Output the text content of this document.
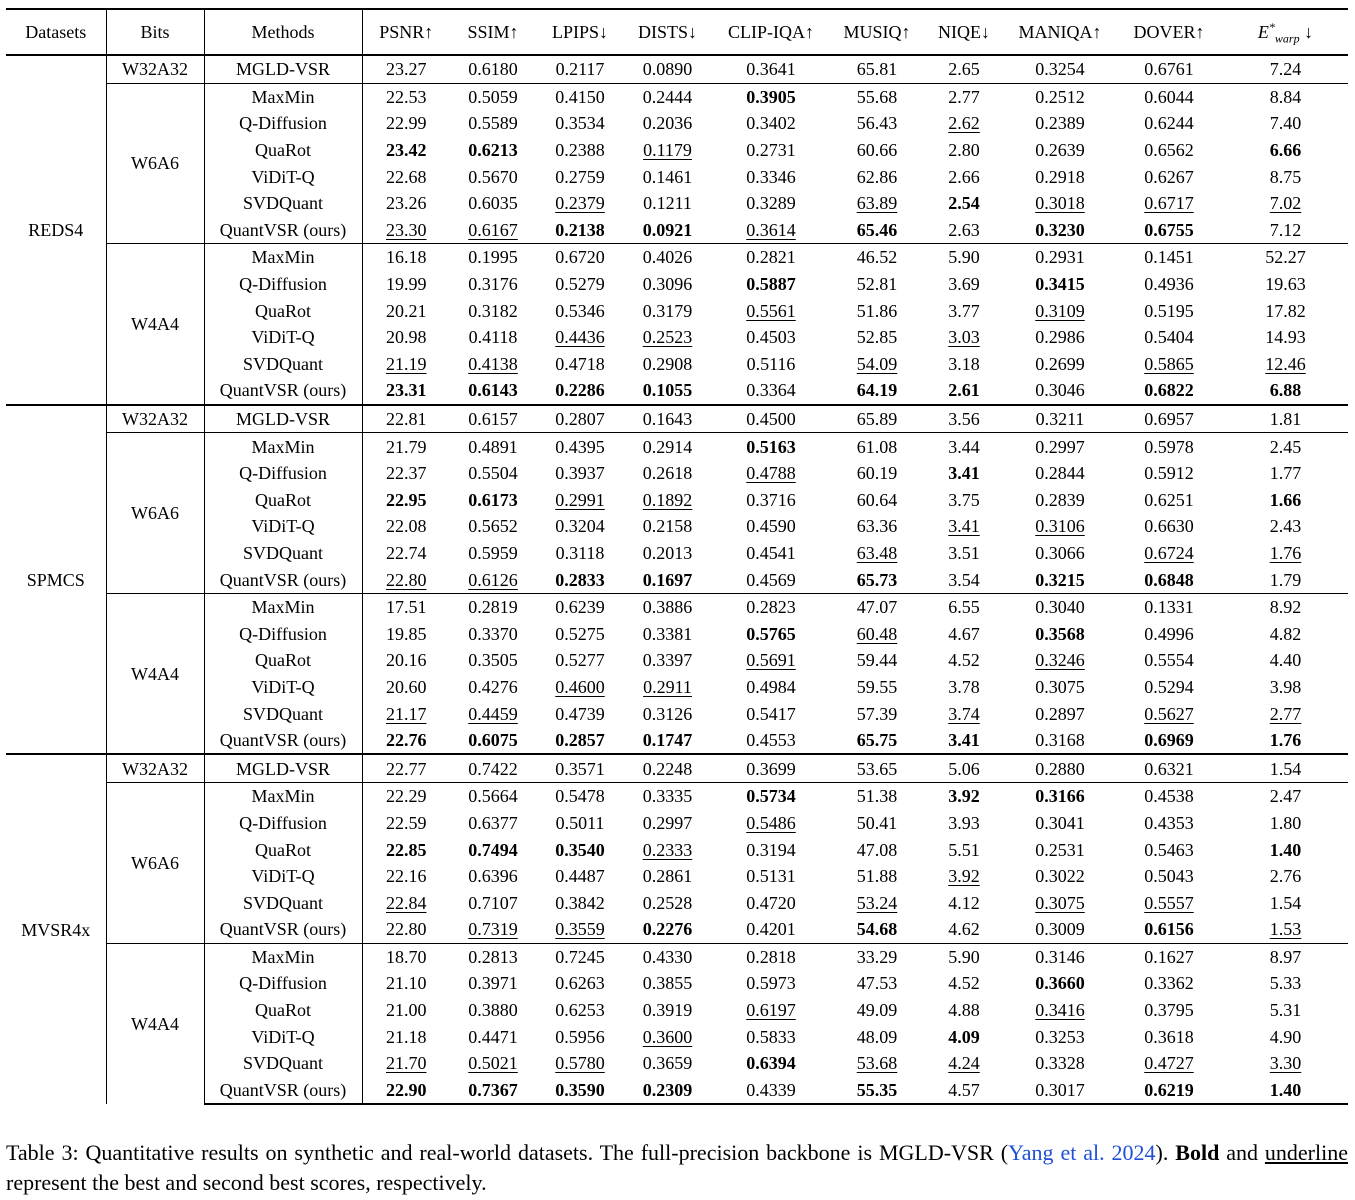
Datasets	Bits	Methods	PSNR↑	SSIM↑	LPIPS↓	DISTS↓	CLIP-IQA↑	MUSIQ↑	NIQE↓	MANIQA↑	DOVER↑	$E^*_{warp}$ ↓
REDS4	W32A32	MGLD-VSR	23.27	0.6180	0.2117	0.0890	0.3641	65.81	2.65	0.3254	0.6761	7.24
	W6A6	MaxMin	22.53	0.5059	0.4150	0.2444	0.3905	55.68	2.77	0.2512	0.6044	8.84
		Q-Diffusion	22.99	0.5589	0.3534	0.2036	0.3402	56.43	2.62	0.2389	0.6244	7.40
		QuaRot	23.42	0.6213	0.2388	0.1179	0.2731	60.66	2.80	0.2639	0.6562	6.66
		ViDiT-Q	22.68	0.5670	0.2759	0.1461	0.3346	62.86	2.66	0.2918	0.6267	8.75
		SVDQuant	23.26	0.6035	0.2379	0.1211	0.3289	63.89	2.54	0.3018	0.6717	7.02
		QuantVSR (ours)	23.30	0.6167	0.2138	0.0921	0.3614	65.46	2.63	0.3230	0.6755	7.12
	W4A4	MaxMin	16.18	0.1995	0.6720	0.4026	0.2821	46.52	5.90	0.2931	0.1451	52.27
		Q-Diffusion	19.99	0.3176	0.5279	0.3096	0.5887	52.81	3.69	0.3415	0.4936	19.63
		QuaRot	20.21	0.3182	0.5346	0.3179	0.5561	51.86	3.77	0.3109	0.5195	17.82
		ViDiT-Q	20.98	0.4118	0.4436	0.2523	0.4503	52.85	3.03	0.2986	0.5404	14.93
		SVDQuant	21.19	0.4138	0.4718	0.2908	0.5116	54.09	3.18	0.2699	0.5865	12.46
		QuantVSR (ours)	23.31	0.6143	0.2286	0.1055	0.3364	64.19	2.61	0.3046	0.6822	6.88
SPMCS	W32A32	MGLD-VSR	22.81	0.6157	0.2807	0.1643	0.4500	65.89	3.56	0.3211	0.6957	1.81
	W6A6	MaxMin	21.79	0.4891	0.4395	0.2914	0.5163	61.08	3.44	0.2997	0.5978	2.45
		Q-Diffusion	22.37	0.5504	0.3937	0.2618	0.4788	60.19	3.41	0.2844	0.5912	1.77
		QuaRot	22.95	0.6173	0.2991	0.1892	0.3716	60.64	3.75	0.2839	0.6251	1.66
		ViDiT-Q	22.08	0.5652	0.3204	0.2158	0.4590	63.36	3.41	0.3106	0.6630	2.43
		SVDQuant	22.74	0.5959	0.3118	0.2013	0.4541	63.48	3.51	0.3066	0.6724	1.76
		QuantVSR (ours)	22.80	0.6126	0.2833	0.1697	0.4569	65.73	3.54	0.3215	0.6848	1.79
	W4A4	MaxMin	17.51	0.2819	0.6239	0.3886	0.2823	47.07	6.55	0.3040	0.1331	8.92
		Q-Diffusion	19.85	0.3370	0.5275	0.3381	0.5765	60.48	4.67	0.3568	0.4996	4.82
		QuaRot	20.16	0.3505	0.5277	0.3397	0.5691	59.44	4.52	0.3246	0.5554	4.40
		ViDiT-Q	20.60	0.4276	0.4600	0.2911	0.4984	59.55	3.78	0.3075	0.5294	3.98
		SVDQuant	21.17	0.4459	0.4739	0.3126	0.5417	57.39	3.74	0.2897	0.5627	2.77
		QuantVSR (ours)	22.76	0.6075	0.2857	0.1747	0.4553	65.75	3.41	0.3168	0.6969	1.76
MVSR4x	W32A32	MGLD-VSR	22.77	0.7422	0.3571	0.2248	0.3699	53.65	5.06	0.2880	0.6321	1.54
	W6A6	MaxMin	22.29	0.5664	0.5478	0.3335	0.5734	51.38	3.92	0.3166	0.4538	2.47
		Q-Diffusion	22.59	0.6377	0.5011	0.2997	0.5486	50.41	3.93	0.3041	0.4353	1.80
		QuaRot	22.85	0.7494	0.3540	0.2333	0.3194	47.08	5.51	0.2531	0.5463	1.40
		ViDiT-Q	22.16	0.6396	0.4487	0.2861	0.5131	51.88	3.92	0.3022	0.5043	2.76
		SVDQuant	22.84	0.7107	0.3842	0.2528	0.4720	53.24	4.12	0.3075	0.5557	1.54
		QuantVSR (ours)	22.80	0.7319	0.3559	0.2276	0.4201	54.68	4.62	0.3009	0.6156	1.53
	W4A4	MaxMin	18.70	0.2813	0.7245	0.4330	0.2818	33.29	5.90	0.3146	0.1627	8.97
		Q-Diffusion	21.10	0.3971	0.6263	0.3855	0.5973	47.53	4.52	0.3660	0.3362	5.33
		QuaRot	21.00	0.3880	0.6253	0.3919	0.6197	49.09	4.88	0.3416	0.3795	5.31
		ViDiT-Q	21.18	0.4471	0.5956	0.3600	0.5833	48.09	4.09	0.3253	0.3618	4.90
		SVDQuant	21.70	0.5021	0.5780	0.3659	0.6394	53.68	4.24	0.3328	0.4727	3.30
		QuantVSR (ours)	22.90	0.7367	0.3590	0.2309	0.4339	55.35	4.57	0.3017	0.6219	1.40
Table 3: Quantitative results on synthetic and real-world datasets. The full-precision backbone is MGLD-VSR (Yang et al. 2024). Bold and underline represent the best and second best scores, respectively.
